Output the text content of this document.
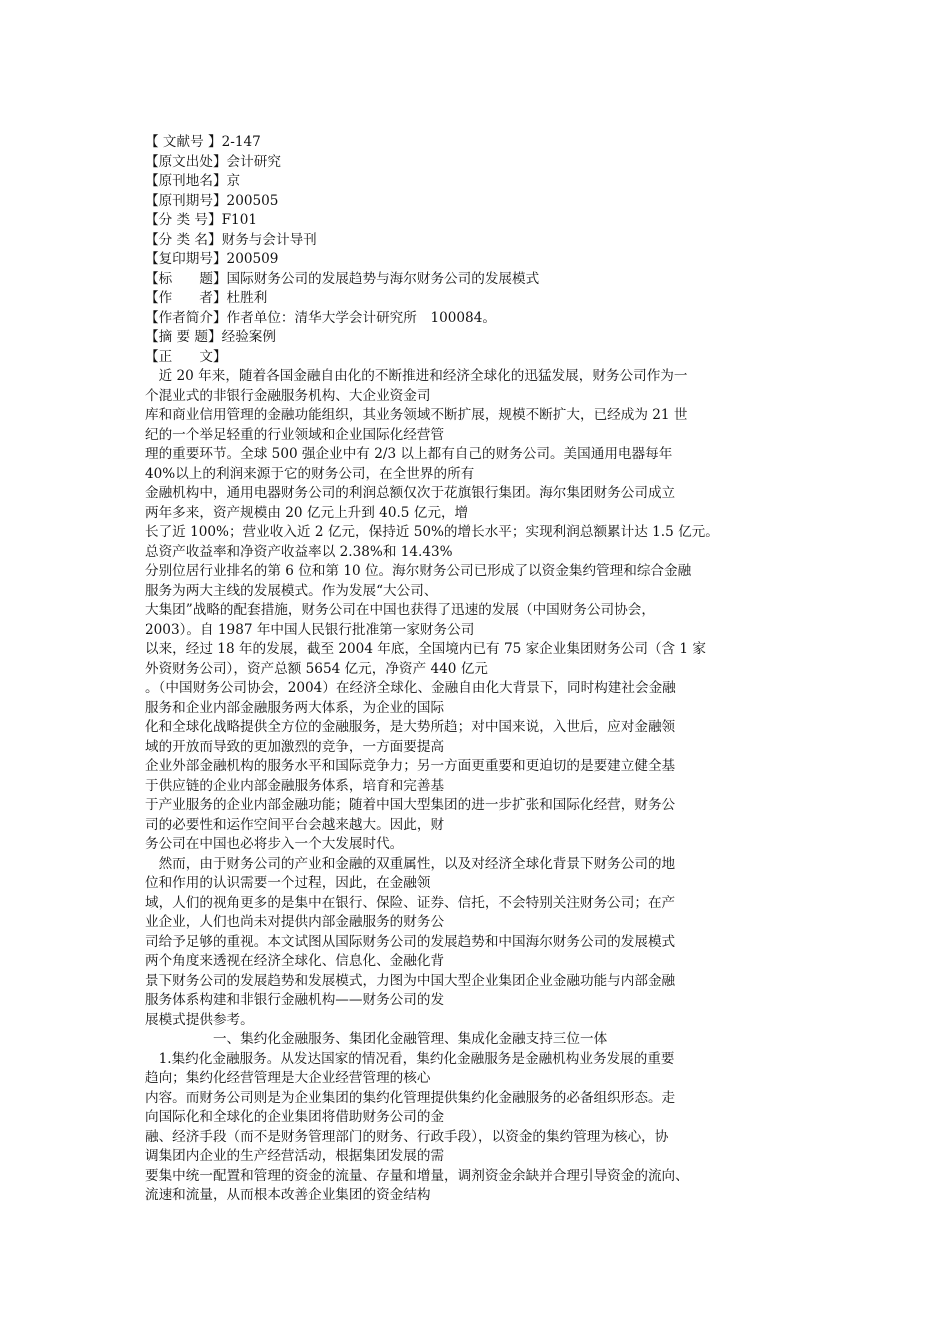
【 文献号 】2-147
【原文出处】会计研究
【原刊地名】京
【原刊期号】200505
【分 类 号】F101
【分 类 名】财务与会计导刊
【复印期号】200509
【标　　题】国际财务公司的发展趋势与海尔财务公司的发展模式
【作　　者】杜胜利
【作者简介】作者单位：清华大学会计研究所　100084。
【摘 要 题】经验案例
【正　　文】
　近 20 年来，随着各国金融自由化的不断推进和经济全球化的迅猛发展，财务公司作为一
个混业式的非银行金融服务机构、大企业资金司
库和商业信用管理的金融功能组织，其业务领域不断扩展，规模不断扩大，已经成为 21 世
纪的一个举足轻重的行业领域和企业国际化经营管
理的重要环节。全球 500 强企业中有 2/3 以上都有自己的财务公司。美国通用电器每年
40%以上的利润来源于它的财务公司，在全世界的所有
金融机构中，通用电器财务公司的利润总额仅次于花旗银行集团。海尔集团财务公司成立
两年多来，资产规模由 20 亿元上升到 40.5 亿元，增
长了近 100%；营业收入近 2 亿元，保持近 50%的增长水平；实现利润总额累计达 1.5 亿元。
总资产收益率和净资产收益率以 2.38%和 14.43%
分别位居行业排名的第 6 位和第 10 位。海尔财务公司已形成了以资金集约管理和综合金融
服务为两大主线的发展模式。作为发展“大公司、
大集团”战略的配套措施，财务公司在中国也获得了迅速的发展（中国财务公司协会，
2003）。自 1987 年中国人民银行批准第一家财务公司
以来，经过 18 年的发展，截至 2004 年底，全国境内已有 75 家企业集团财务公司（含 1 家
外资财务公司），资产总额 5654 亿元，净资产 440 亿元
。（中国财务公司协会，2004）在经济全球化、金融自由化大背景下，同时构建社会金融
服务和企业内部金融服务两大体系，为企业的国际
化和全球化战略提供全方位的金融服务，是大势所趋；对中国来说，入世后，应对金融领
域的开放而导致的更加激烈的竞争，一方面要提高
企业外部金融机构的服务水平和国际竞争力；另一方面更重要和更迫切的是要建立健全基
于供应链的企业内部金融服务体系，培育和完善基
于产业服务的企业内部金融功能；随着中国大型集团的进一步扩张和国际化经营，财务公
司的必要性和运作空间平台会越来越大。因此，财
务公司在中国也必将步入一个大发展时代。
　然而，由于财务公司的产业和金融的双重属性，以及对经济全球化背景下财务公司的地
位和作用的认识需要一个过程，因此，在金融领
域，人们的视角更多的是集中在银行、保险、证券、信托，不会特别关注财务公司；在产
业企业，人们也尚未对提供内部金融服务的财务公
司给予足够的重视。本文试图从国际财务公司的发展趋势和中国海尔财务公司的发展模式
两个角度来透视在经济全球化、信息化、金融化背
景下财务公司的发展趋势和发展模式，力图为中国大型企业集团企业金融功能与内部金融
服务体系构建和非银行金融机构——财务公司的发
展模式提供参考。
　　　　　一、集约化金融服务、集团化金融管理、集成化金融支持三位一体
　1.集约化金融服务。从发达国家的情况看，集约化金融服务是金融机构业务发展的重要
趋向；集约化经营管理是大企业经营管理的核心
内容。而财务公司则是为企业集团的集约化管理提供集约化金融服务的必备组织形态。走
向国际化和全球化的企业集团将借助财务公司的金
融、经济手段（而不是财务管理部门的财务、行政手段），以资金的集约管理为核心，协
调集团内企业的生产经营活动，根据集团发展的需
要集中统一配置和管理的资金的流量、存量和增量，调剂资金余缺并合理引导资金的流向、
流速和流量，从而根本改善企业集团的资金结构
